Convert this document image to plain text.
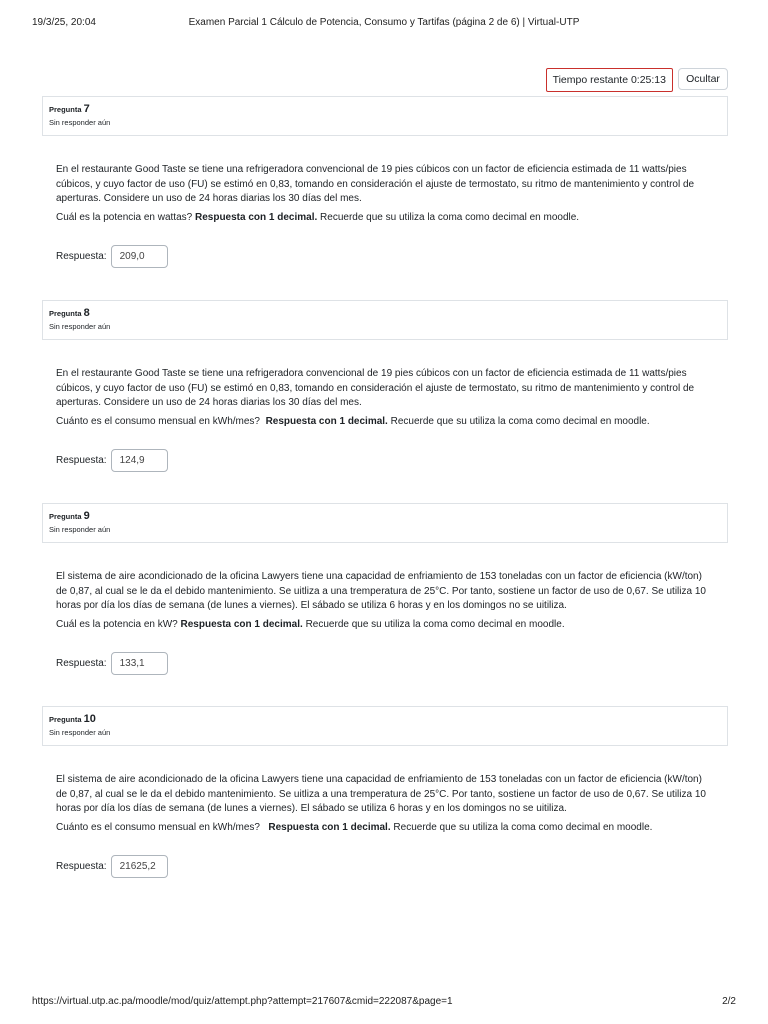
19/3/25, 20:04	Examen Parcial 1 Cálculo de Potencia, Consumo y Tartifas (página 2 de 6) | Virtual-UTP
Tiempo restante 0:25:13	Ocultar
Pregunta 7
Sin responder aún

En el restaurante Good Taste se tiene una refrigeradora convencional de 19 pies cúbicos con un factor de eficiencia estimada de 11 watts/pies cúbicos, y cuyo factor de uso (FU) se estimó en 0,83, tomando en consideración el ajuste de termostato, su ritmo de mantenimiento y control de aperturas. Considere un uso de 24 horas diarias los 30 días del mes.

Cuál es la potencia en wattas? Respuesta con 1 decimal. Recuerde que su utiliza la coma como decimal en moodle.

Respuesta:
209,0
Pregunta 8
Sin responder aún

En el restaurante Good Taste se tiene una refrigeradora convencional de 19 pies cúbicos con un factor de eficiencia estimada de 11 watts/pies cúbicos, y cuyo factor de uso (FU) se estimó en 0,83, tomando en consideración el ajuste de termostato, su ritmo de mantenimiento y control de aperturas. Considere un uso de 24 horas diarias los 30 días del mes.

Cuánto es el consumo mensual en kWh/mes? Respuesta con 1 decimal. Recuerde que su utiliza la coma como decimal en moodle.

Respuesta:
124,9
Pregunta 9
Sin responder aún

El sistema de aire acondicionado de la oficina Lawyers tiene una capacidad de enfriamiento de 153 toneladas con un factor de eficiencia (kW/ton) de 0,87, al cual se le da el debido mantenimiento. Se uitliza a una tremperatura de 25°C. Por tanto, sostiene un factor de uso de 0,67. Se utiliza 10 horas por día los días de semana (de lunes a viernes). El sábado se utiliza 6 horas y en los domingos no se uitiliza.

Cuál es la potencia en kW? Respuesta con 1 decimal. Recuerde que su utiliza la coma como decimal en moodle.

Respuesta:
133,1
Pregunta 10
Sin responder aún

El sistema de aire acondicionado de la oficina Lawyers tiene una capacidad de enfriamiento de 153 toneladas con un factor de eficiencia (kW/ton) de 0,87, al cual se le da el debido mantenimiento. Se uitliza a una tremperatura de 25°C. Por tanto, sostiene un factor de uso de 0,67. Se utiliza 10 horas por día los días de semana (de lunes a viernes). El sábado se utiliza 6 horas y en los domingos no se uitiliza.

Cuánto es el consumo mensual en kWh/mes? Respuesta con 1 decimal. Recuerde que su utiliza la coma como decimal en moodle.

Respuesta:
21625,2
https://virtual.utp.ac.pa/moodle/mod/quiz/attempt.php?attempt=217607&cmid=222087&page=1	2/2
